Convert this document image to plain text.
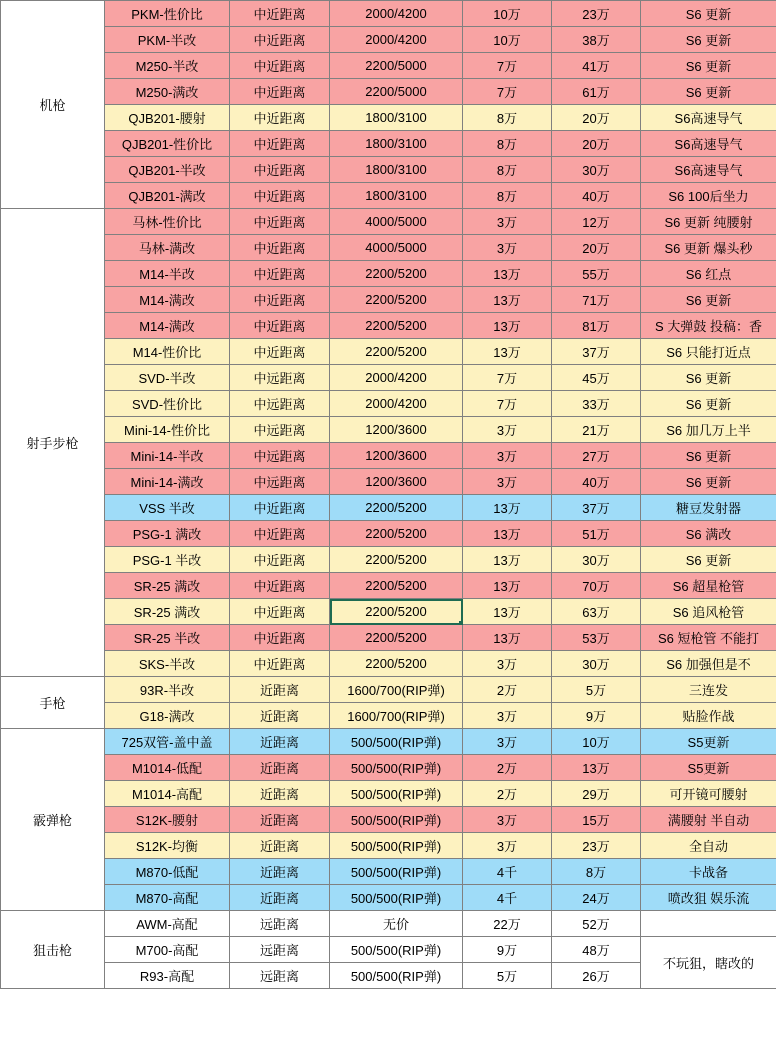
机枪	PKM-性价比	中近距离	2000/4200	10万	23万	S6 更新
	PKM-半改	中近距离	2000/4200	10万	38万	S6 更新
	M250-半改	中近距离	2200/5000	7万	41万	S6 更新
	M250-满改	中近距离	2200/5000	7万	61万	S6 更新
	QJB201-腰射	中近距离	1800/3100	8万	20万	S6高速导气
	QJB201-性价比	中近距离	1800/3100	8万	20万	S6高速导气
	QJB201-半改	中近距离	1800/3100	8万	30万	S6高速导气
	QJB201-满改	中近距离	1800/3100	8万	40万	S6 100后坐力
射手步枪	马林-性价比	中近距离	4000/5000	3万	12万	S6 更新 纯腰射
	马林-满改	中近距离	4000/5000	3万	20万	S6 更新 爆头秒
	M14-半改	中近距离	2200/5200	13万	55万	S6 红点
	M14-满改	中近距离	2200/5200	13万	71万	S6 更新
	M14-满改	中近距离	2200/5200	13万	81万	S 大弹鼓 投稿：香
	M14-性价比	中近距离	2200/5200	13万	37万	S6 只能打近点
	SVD-半改	中远距离	2000/4200	7万	45万	S6 更新
	SVD-性价比	中远距离	2000/4200	7万	33万	S6 更新
	Mini-14-性价比	中远距离	1200/3600	3万	21万	S6 加几万上半
	Mini-14-半改	中远距离	1200/3600	3万	27万	S6 更新
	Mini-14-满改	中远距离	1200/3600	3万	40万	S6 更新
	VSS 半改	中近距离	2200/5200	13万	37万	糖豆发射器
	PSG-1 满改	中近距离	2200/5200	13万	51万	S6 满改
	PSG-1 半改	中近距离	2200/5200	13万	30万	S6 更新
	SR-25 满改	中近距离	2200/5200	13万	70万	S6 超星枪管
	SR-25 满改	中近距离	2200/5200	13万	63万	S6 追风枪管
	SR-25 半改	中近距离	2200/5200	13万	53万	S6 短枪管 不能打
	SKS-半改	中近距离	2200/5200	3万	30万	S6 加强但是不
手枪	93R-半改	近距离	1600/700(RIP弹)	2万	5万	三连发
	G18-满改	近距离	1600/700(RIP弹)	3万	9万	贴脸作战
霰弹枪	725双管-盖中盖	近距离	500/500(RIP弹)	3万	10万	S5更新
	M1014-低配	近距离	500/500(RIP弹)	2万	13万	S5更新
	M1014-高配	近距离	500/500(RIP弹)	2万	29万	可开镜可腰射
	S12K-腰射	近距离	500/500(RIP弹)	3万	15万	满腰射 半自动
	S12K-均衡	近距离	500/500(RIP弹)	3万	23万	全自动
	M870-低配	近距离	500/500(RIP弹)	4千	8万	卡战备
	M870-高配	近距离	500/500(RIP弹)	4千	24万	喷改狙 娱乐流
狙击枪	AWM-高配	远距离	无价	22万	52万	
	M700-高配	远距离	500/500(RIP弹)	9万	48万	不玩狙，瞎改的
	R93-高配	远距离	500/500(RIP弹)	5万	26万	
